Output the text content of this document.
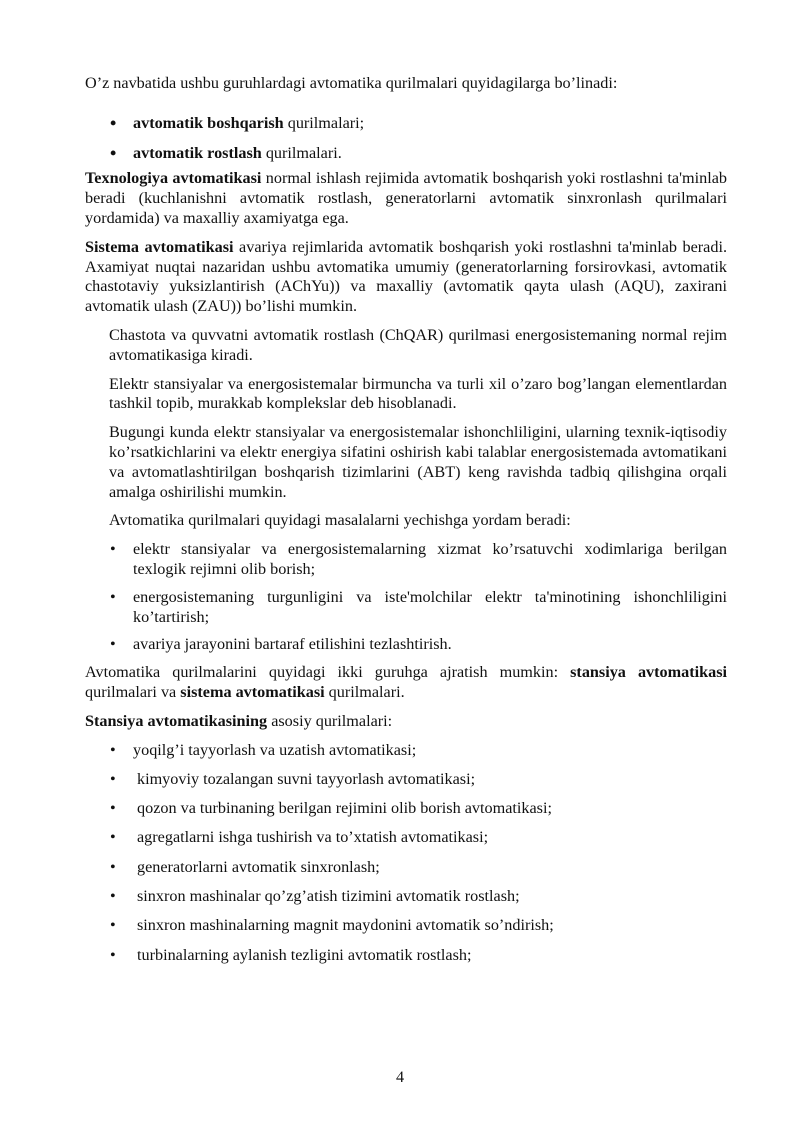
O’z navbatida ushbu guruhlardagi avtomatika qurilmalari quyidagilarga bo’linadi:

• avtomatik boshqarish qurilmalari;
• avtomatik rostlash qurilmalari.

Texnologiya avtomatikasi normal ishlash rejimida avtomatik boshqarish yoki rostlashni ta'minlab beradi (kuchlanishni avtomatik rostlash, generatorlarni avtomatik sinxronlash qurilmalari yordamida) va maxalliy axamiyatga ega.

Sistema avtomatikasi avariya rejimlarida avtomatik boshqarish yoki rostlashni ta'minlab beradi. Axamiyat nuqtai nazaridan ushbu avtomatika umumiy (generatorlarning forsirovkasi, avtomatik chastotaviy yuksizlantirish (AChYu)) va maxalliy (avtomatik qayta ulash (AQU), zaxirani avtomatik ulash (ZAU)) bo’lishi mumkin.

Chastota va quvvatni avtomatik rostlash (ChQAR) qurilmasi energosistemaning normal rejim avtomatikasiga kiradi.

Elektr stansiyalar va energosistemalar birmuncha va turli xil o’zaro bog’langan elementlardan tashkil topib, murakkab komplekslar deb hisoblanadi.

Bugungi kunda elektr stansiyalar va energosistemalar ishonchliligini, ularning texnik-iqtisodiy ko’rsatkichlarini va elektr energiya sifatini oshirish kabi talablar energosistemada avtomatikani va avtomatlashtirilgan boshqarish tizimlarini (ABT) keng ravishda tadbiq qilishgina orqali amalga oshirilishi mumkin.

Avtomatika qurilmalari quyidagi masalalarni yechishga yordam beradi:

• elektr stansiyalar va energosistemalarning xizmat ko’rsatuvchi xodimlariga berilgan texlogik rejimni olib borish;
• energosistemaning turgunligini va iste'molchilar elektr ta'minotining ishonchliligini ko’tartirish;
• avariya jarayonini bartaraf etilishini tezlashtirish.

Avtomatika qurilmalarini quyidagi ikki guruhga ajratish mumkin: stansiya avtomatikasi qurilmalari va sistema avtomatikasi qurilmalari.

Stansiya avtomatikasining asosiy qurilmalari:

• yoqilg’i tayyorlash va uzatish avtomatikasi;
• kimyoviy tozalangan suvni tayyorlash avtomatikasi;
• qozon va turbinaning berilgan rejimini olib borish avtomatikasi;
• agregatlarni ishga tushirish va to’xtatish avtomatikasi;
• generatorlarni avtomatik sinxronlash;
• sinxron mashinalar qo’zg’atish tizimini avtomatik rostlash;
• sinxron mashinalarning magnit maydonini avtomatik so’ndirish;
• turbinalarning aylanish tezligini avtomatik rostlash;
4
